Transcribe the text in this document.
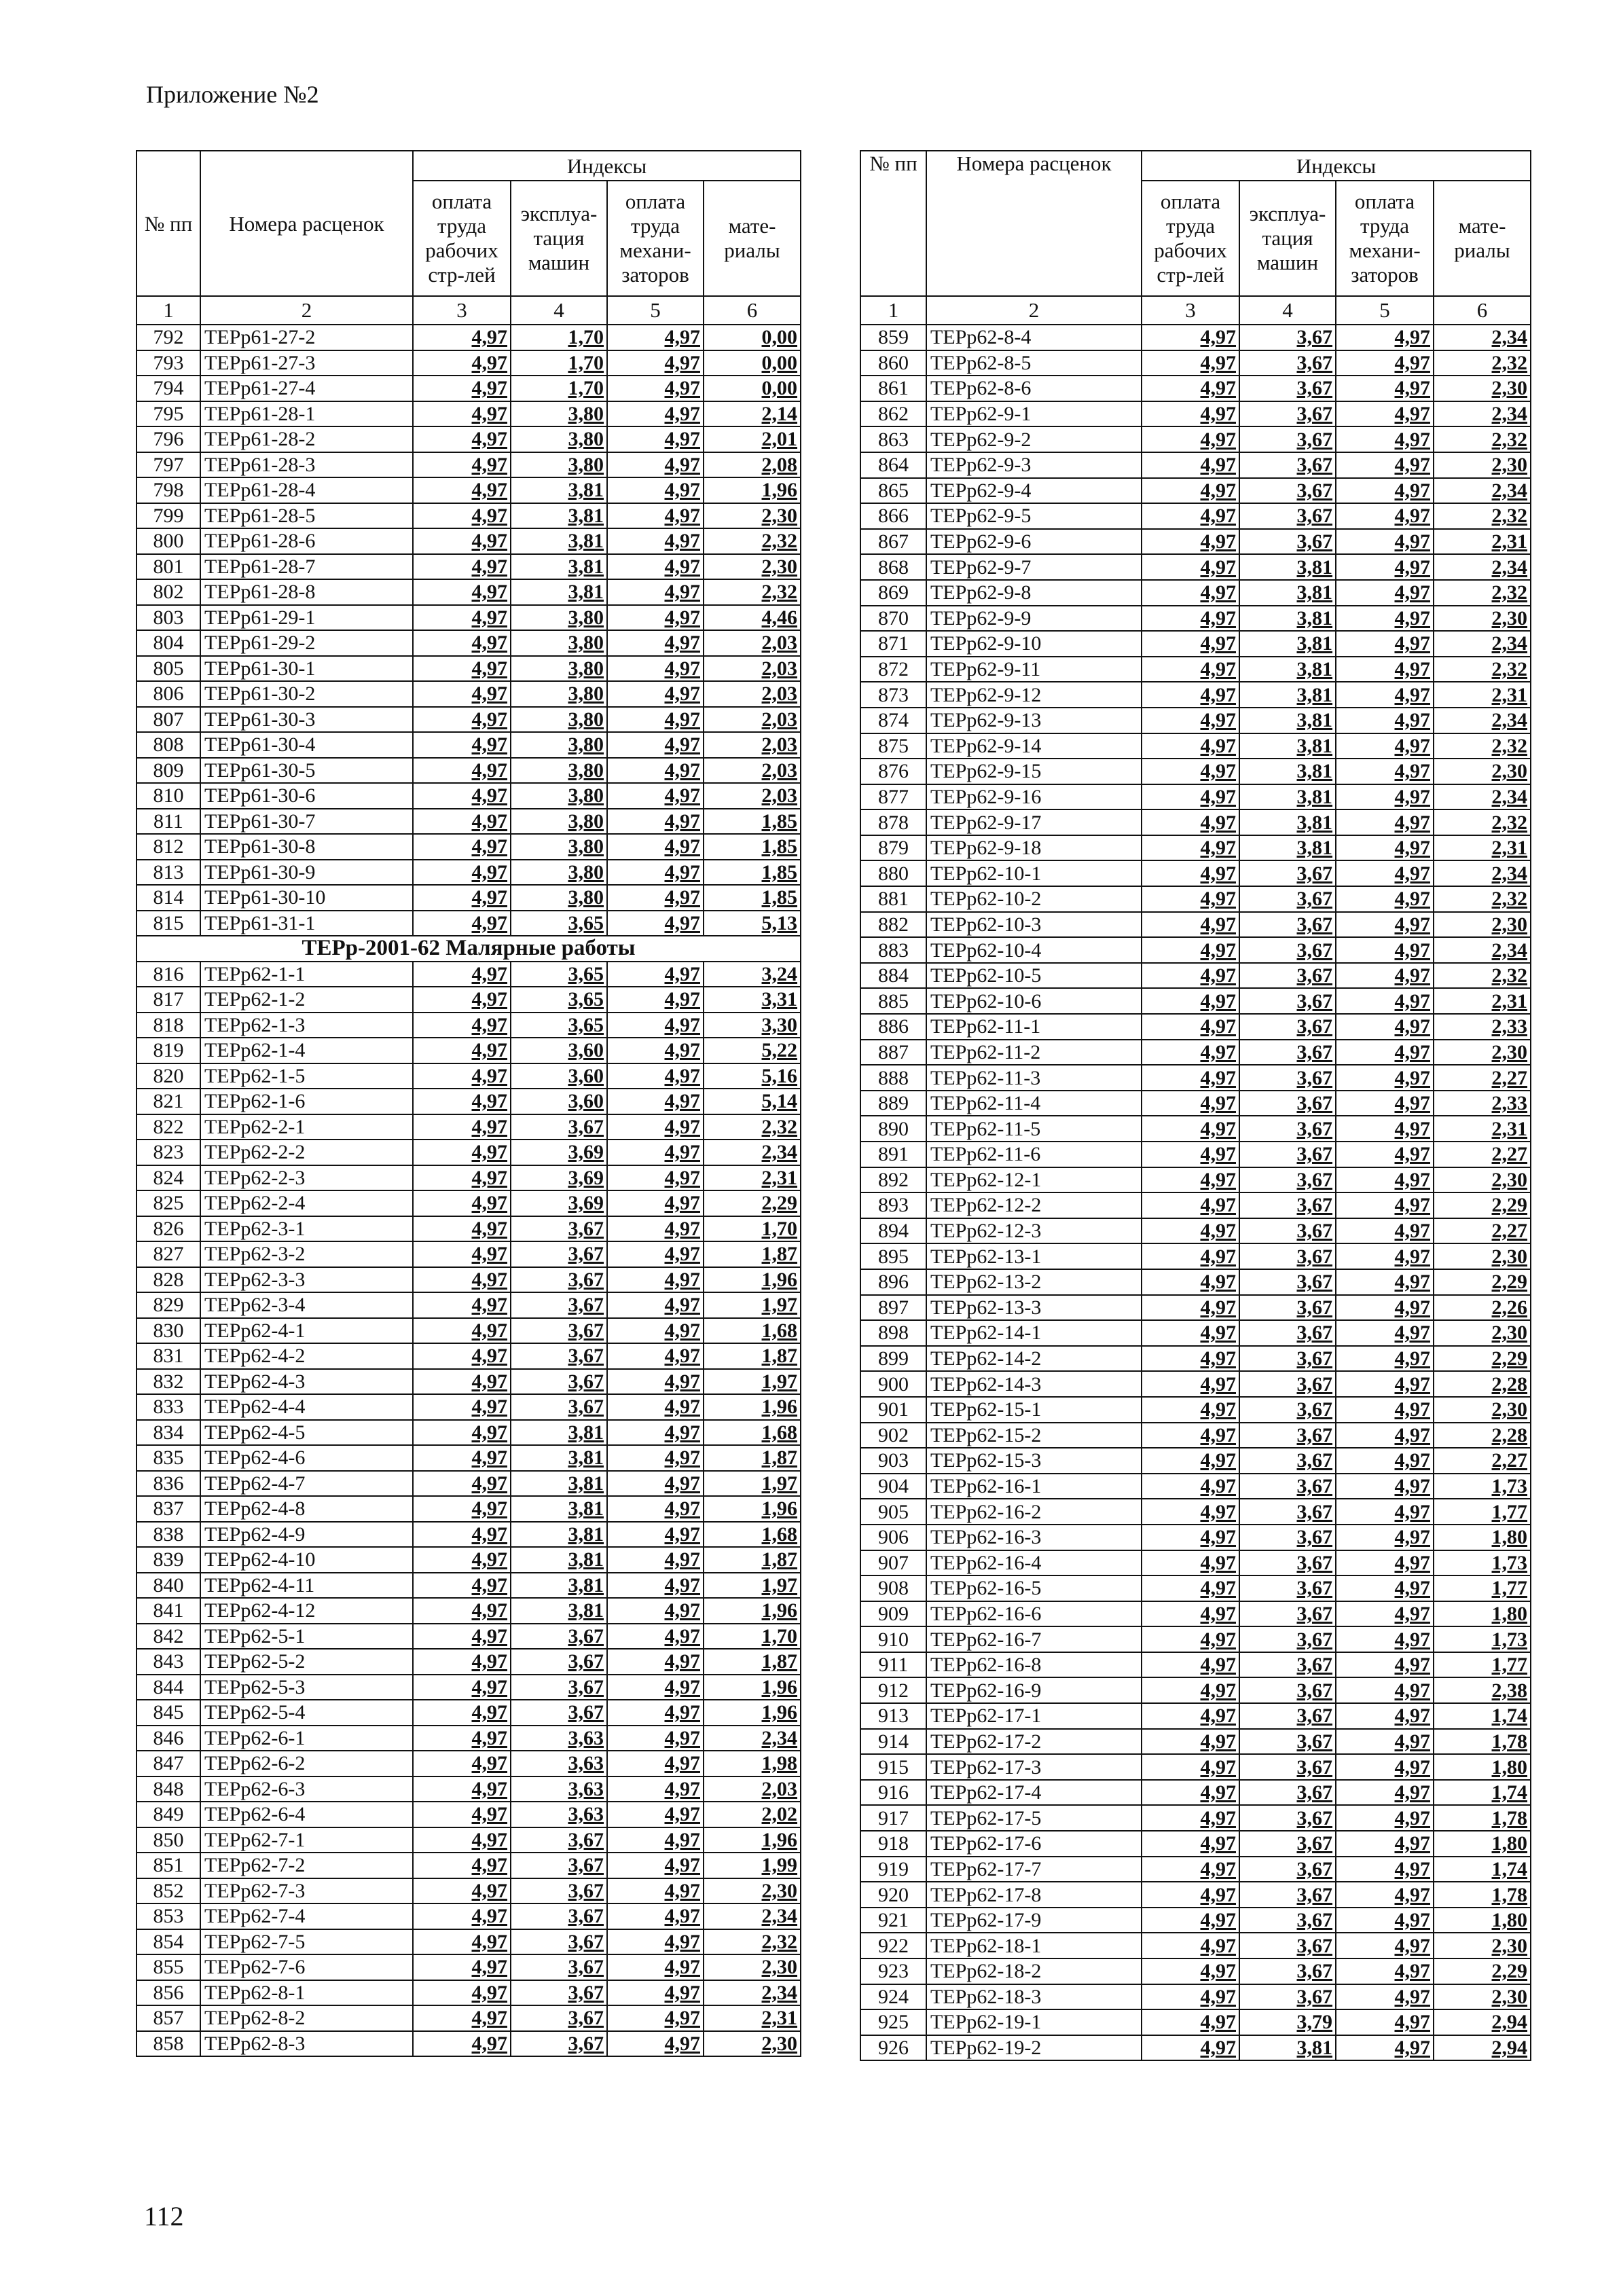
Приложение №2
№ пп	Номера расценок	Индексы			
		оплата труда рабочих стр-лей	эксплуа-тация машин	оплата труда механи-заторов	мате-риалы
1	2	3	4	5	6
792	ТЕРр61-27-2	4,97	1,70	4,97	0,00
793	ТЕРр61-27-3	4,97	1,70	4,97	0,00
794	ТЕРр61-27-4	4,97	1,70	4,97	0,00
795	ТЕРр61-28-1	4,97	3,80	4,97	2,14
796	ТЕРр61-28-2	4,97	3,80	4,97	2,01
797	ТЕРр61-28-3	4,97	3,80	4,97	2,08
798	ТЕРр61-28-4	4,97	3,81	4,97	1,96
799	ТЕРр61-28-5	4,97	3,81	4,97	2,30
800	ТЕРр61-28-6	4,97	3,81	4,97	2,32
801	ТЕРр61-28-7	4,97	3,81	4,97	2,30
802	ТЕРр61-28-8	4,97	3,81	4,97	2,32
803	ТЕРр61-29-1	4,97	3,80	4,97	4,46
804	ТЕРр61-29-2	4,97	3,80	4,97	2,03
805	ТЕРр61-30-1	4,97	3,80	4,97	2,03
806	ТЕРр61-30-2	4,97	3,80	4,97	2,03
807	ТЕРр61-30-3	4,97	3,80	4,97	2,03
808	ТЕРр61-30-4	4,97	3,80	4,97	2,03
809	ТЕРр61-30-5	4,97	3,80	4,97	2,03
810	ТЕРр61-30-6	4,97	3,80	4,97	2,03
811	ТЕРр61-30-7	4,97	3,80	4,97	1,85
812	ТЕРр61-30-8	4,97	3,80	4,97	1,85
813	ТЕРр61-30-9	4,97	3,80	4,97	1,85
814	ТЕРр61-30-10	4,97	3,80	4,97	1,85
815	ТЕРр61-31-1	4,97	3,65	4,97	5,13
ТЕРр-2001-62 Малярные работы					
816	ТЕРр62-1-1	4,97	3,65	4,97	3,24
817	ТЕРр62-1-2	4,97	3,65	4,97	3,31
818	ТЕРр62-1-3	4,97	3,65	4,97	3,30
819	ТЕРр62-1-4	4,97	3,60	4,97	5,22
820	ТЕРр62-1-5	4,97	3,60	4,97	5,16
821	ТЕРр62-1-6	4,97	3,60	4,97	5,14
822	ТЕРр62-2-1	4,97	3,67	4,97	2,32
823	ТЕРр62-2-2	4,97	3,69	4,97	2,34
824	ТЕРр62-2-3	4,97	3,69	4,97	2,31
825	ТЕРр62-2-4	4,97	3,69	4,97	2,29
826	ТЕРр62-3-1	4,97	3,67	4,97	1,70
827	ТЕРр62-3-2	4,97	3,67	4,97	1,87
828	ТЕРр62-3-3	4,97	3,67	4,97	1,96
829	ТЕРр62-3-4	4,97	3,67	4,97	1,97
830	ТЕРр62-4-1	4,97	3,67	4,97	1,68
831	ТЕРр62-4-2	4,97	3,67	4,97	1,87
832	ТЕРр62-4-3	4,97	3,67	4,97	1,97
833	ТЕРр62-4-4	4,97	3,67	4,97	1,96
834	ТЕРр62-4-5	4,97	3,81	4,97	1,68
835	ТЕРр62-4-6	4,97	3,81	4,97	1,87
836	ТЕРр62-4-7	4,97	3,81	4,97	1,97
837	ТЕРр62-4-8	4,97	3,81	4,97	1,96
838	ТЕРр62-4-9	4,97	3,81	4,97	1,68
839	ТЕРр62-4-10	4,97	3,81	4,97	1,87
840	ТЕРр62-4-11	4,97	3,81	4,97	1,97
841	ТЕРр62-4-12	4,97	3,81	4,97	1,96
842	ТЕРр62-5-1	4,97	3,67	4,97	1,70
843	ТЕРр62-5-2	4,97	3,67	4,97	1,87
844	ТЕРр62-5-3	4,97	3,67	4,97	1,96
845	ТЕРр62-5-4	4,97	3,67	4,97	1,96
846	ТЕРр62-6-1	4,97	3,63	4,97	2,34
847	ТЕРр62-6-2	4,97	3,63	4,97	1,98
848	ТЕРр62-6-3	4,97	3,63	4,97	2,03
849	ТЕРр62-6-4	4,97	3,63	4,97	2,02
850	ТЕРр62-7-1	4,97	3,67	4,97	1,96
851	ТЕРр62-7-2	4,97	3,67	4,97	1,99
852	ТЕРр62-7-3	4,97	3,67	4,97	2,30
853	ТЕРр62-7-4	4,97	3,67	4,97	2,34
854	ТЕРр62-7-5	4,97	3,67	4,97	2,32
855	ТЕРр62-7-6	4,97	3,67	4,97	2,30
856	ТЕРр62-8-1	4,97	3,67	4,97	2,34
857	ТЕРр62-8-2	4,97	3,67	4,97	2,31
858	ТЕРр62-8-3	4,97	3,67	4,97	2,30
№ пп	Номера расценок	Индексы			
		оплата труда рабочих стр-лей	эксплуа-тация машин	оплата труда механи-заторов	мате-риалы
1	2	3	4	5	6
859	ТЕРр62-8-4	4,97	3,67	4,97	2,34
860	ТЕРр62-8-5	4,97	3,67	4,97	2,32
861	ТЕРр62-8-6	4,97	3,67	4,97	2,30
862	ТЕРр62-9-1	4,97	3,67	4,97	2,34
863	ТЕРр62-9-2	4,97	3,67	4,97	2,32
864	ТЕРр62-9-3	4,97	3,67	4,97	2,30
865	ТЕРр62-9-4	4,97	3,67	4,97	2,34
866	ТЕРр62-9-5	4,97	3,67	4,97	2,32
867	ТЕРр62-9-6	4,97	3,67	4,97	2,31
868	ТЕРр62-9-7	4,97	3,81	4,97	2,34
869	ТЕРр62-9-8	4,97	3,81	4,97	2,32
870	ТЕРр62-9-9	4,97	3,81	4,97	2,30
871	ТЕРр62-9-10	4,97	3,81	4,97	2,34
872	ТЕРр62-9-11	4,97	3,81	4,97	2,32
873	ТЕРр62-9-12	4,97	3,81	4,97	2,31
874	ТЕРр62-9-13	4,97	3,81	4,97	2,34
875	ТЕРр62-9-14	4,97	3,81	4,97	2,32
876	ТЕРр62-9-15	4,97	3,81	4,97	2,30
877	ТЕРр62-9-16	4,97	3,81	4,97	2,34
878	ТЕРр62-9-17	4,97	3,81	4,97	2,32
879	ТЕРр62-9-18	4,97	3,81	4,97	2,31
880	ТЕРр62-10-1	4,97	3,67	4,97	2,34
881	ТЕРр62-10-2	4,97	3,67	4,97	2,32
882	ТЕРр62-10-3	4,97	3,67	4,97	2,30
883	ТЕРр62-10-4	4,97	3,67	4,97	2,34
884	ТЕРр62-10-5	4,97	3,67	4,97	2,32
885	ТЕРр62-10-6	4,97	3,67	4,97	2,31
886	ТЕРр62-11-1	4,97	3,67	4,97	2,33
887	ТЕРр62-11-2	4,97	3,67	4,97	2,30
888	ТЕРр62-11-3	4,97	3,67	4,97	2,27
889	ТЕРр62-11-4	4,97	3,67	4,97	2,33
890	ТЕРр62-11-5	4,97	3,67	4,97	2,31
891	ТЕРр62-11-6	4,97	3,67	4,97	2,27
892	ТЕРр62-12-1	4,97	3,67	4,97	2,30
893	ТЕРр62-12-2	4,97	3,67	4,97	2,29
894	ТЕРр62-12-3	4,97	3,67	4,97	2,27
895	ТЕРр62-13-1	4,97	3,67	4,97	2,30
896	ТЕРр62-13-2	4,97	3,67	4,97	2,29
897	ТЕРр62-13-3	4,97	3,67	4,97	2,26
898	ТЕРр62-14-1	4,97	3,67	4,97	2,30
899	ТЕРр62-14-2	4,97	3,67	4,97	2,29
900	ТЕРр62-14-3	4,97	3,67	4,97	2,28
901	ТЕРр62-15-1	4,97	3,67	4,97	2,30
902	ТЕРр62-15-2	4,97	3,67	4,97	2,28
903	ТЕРр62-15-3	4,97	3,67	4,97	2,27
904	ТЕРр62-16-1	4,97	3,67	4,97	1,73
905	ТЕРр62-16-2	4,97	3,67	4,97	1,77
906	ТЕРр62-16-3	4,97	3,67	4,97	1,80
907	ТЕРр62-16-4	4,97	3,67	4,97	1,73
908	ТЕРр62-16-5	4,97	3,67	4,97	1,77
909	ТЕРр62-16-6	4,97	3,67	4,97	1,80
910	ТЕРр62-16-7	4,97	3,67	4,97	1,73
911	ТЕРр62-16-8	4,97	3,67	4,97	1,77
912	ТЕРр62-16-9	4,97	3,67	4,97	2,38
913	ТЕРр62-17-1	4,97	3,67	4,97	1,74
914	ТЕРр62-17-2	4,97	3,67	4,97	1,78
915	ТЕРр62-17-3	4,97	3,67	4,97	1,80
916	ТЕРр62-17-4	4,97	3,67	4,97	1,74
917	ТЕРр62-17-5	4,97	3,67	4,97	1,78
918	ТЕРр62-17-6	4,97	3,67	4,97	1,80
919	ТЕРр62-17-7	4,97	3,67	4,97	1,74
920	ТЕРр62-17-8	4,97	3,67	4,97	1,78
921	ТЕРр62-17-9	4,97	3,67	4,97	1,80
922	ТЕРр62-18-1	4,97	3,67	4,97	2,30
923	ТЕРр62-18-2	4,97	3,67	4,97	2,29
924	ТЕРр62-18-3	4,97	3,67	4,97	2,30
925	ТЕРр62-19-1	4,97	3,79	4,97	2,94
926	ТЕРр62-19-2	4,97	3,81	4,97	2,94
112
